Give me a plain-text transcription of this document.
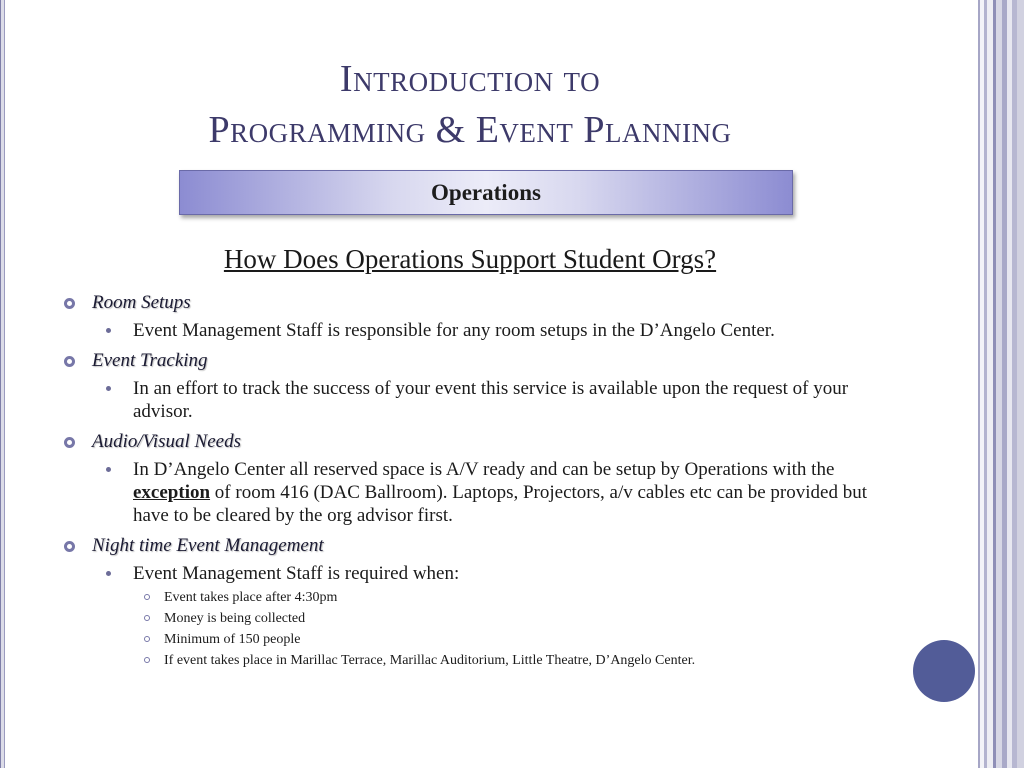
Introduction to
Programming & Event Planning
Operations
How Does Operations Support Student Orgs?
Room Setups
Event Management Staff is responsible for any room setups in the D’Angelo Center.
Event Tracking
In an effort to track the success of your event this service is available upon the request of your advisor.
Audio/Visual Needs
In D’Angelo Center all reserved space is A/V ready and can be setup by Operations with the exception of room 416 (DAC Ballroom). Laptops, Projectors, a/v cables etc can be provided but have to be cleared by the org advisor first.
Night time Event Management
Event Management Staff is required when:
Event takes place after 4:30pm
Money is being collected
Minimum of 150 people
If event takes place in Marillac Terrace, Marillac Auditorium, Little Theatre, D’Angelo Center.
